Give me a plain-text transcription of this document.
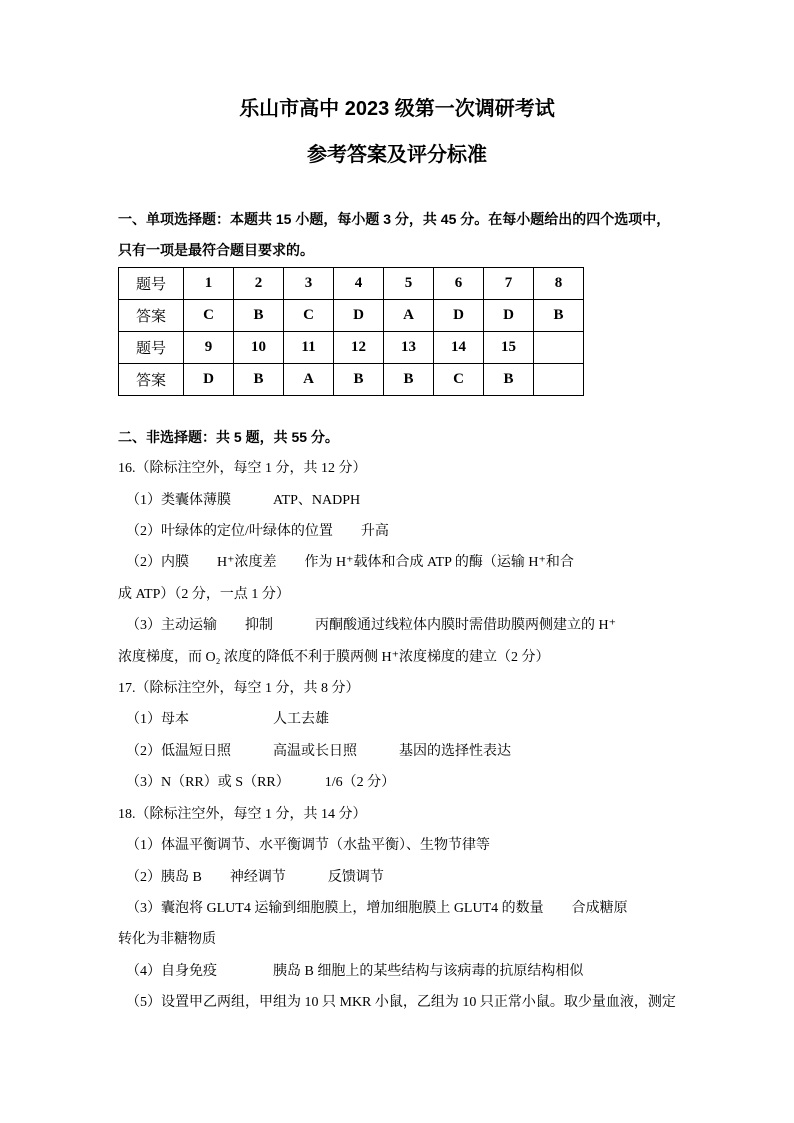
乐山市高中 2023 级第一次调研考试
参考答案及评分标准
一、单项选择题：本题共 15 小题，每小题 3 分，共 45 分。在每小题给出的四个选项中，
只有一项是最符合题目要求的。
题号	1	2	3	4	5	6	7	8
答案	C	B	C	D	A	D	D	B
题号	9	10	11	12	13	14	15	
答案	D	B	A	B	B	C	B	
二、非选择题：共 5 题，共 55 分。
16.（除标注空外，每空 1 分，共 12 分）
（1）类囊体薄膜　　　ATP、NADPH
（2）叶绿体的定位/叶绿体的位置　　升高
（2）内膜　　H⁺浓度差　　作为 H⁺载体和合成 ATP 的酶（运输 H⁺和合
成 ATP）（2 分，一点 1 分）
（3）主动运输　　抑制　　　丙酮酸通过线粒体内膜时需借助膜两侧建立的 H⁺
浓度梯度，而 O₂ 浓度的降低不利于膜两侧 H⁺浓度梯度的建立（2 分）
17.（除标注空外，每空 1 分，共 8 分）
（1）母本　　　　　　人工去雄
（2）低温短日照　　　高温或长日照　　　基因的选择性表达
（3）N（RR）或 S（RR）　　　1/6（2 分）
18.（除标注空外，每空 1 分，共 14 分）
（1）体温平衡调节、水平衡调节（水盐平衡）、生物节律等
（2）胰岛 B　　神经调节　　　反馈调节
（3）囊泡将 GLUT4 运输到细胞膜上，增加细胞膜上 GLUT4 的数量　　合成糖原
转化为非糖物质
（4）自身免疫　　　　胰岛 B 细胞上的某些结构与该病毒的抗原结构相似
（5）设置甲乙两组，甲组为 10 只 MKR 小鼠，乙组为 10 只正常小鼠。取少量血液，测定
